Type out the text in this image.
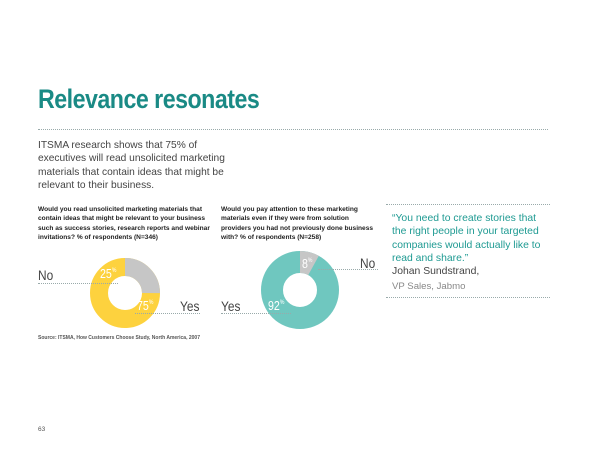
Relevance resonates
ITSMA research shows that 75% of executives will read unsolicited marketing materials that contain ideas that might be relevant to their business.
Would you read unsolicited marketing materials that contain ideas that might be relevant to your business such as success stories, research reports and webinar invitations? % of respondents (N=346)
Would you pay attention to these marketing materials even if they were from solution providers you had not previously done business with? % of respondents (N=258)
No
Yes
25%
75%
No
Yes
8%
92%
“You need to create stories that the right people in your targeted companies would actually like to read and share.”
Johan Sundstrand,
VP Sales, Jabmo
Source: ITSMA, How Customers Choose Study, North America, 2007
63
